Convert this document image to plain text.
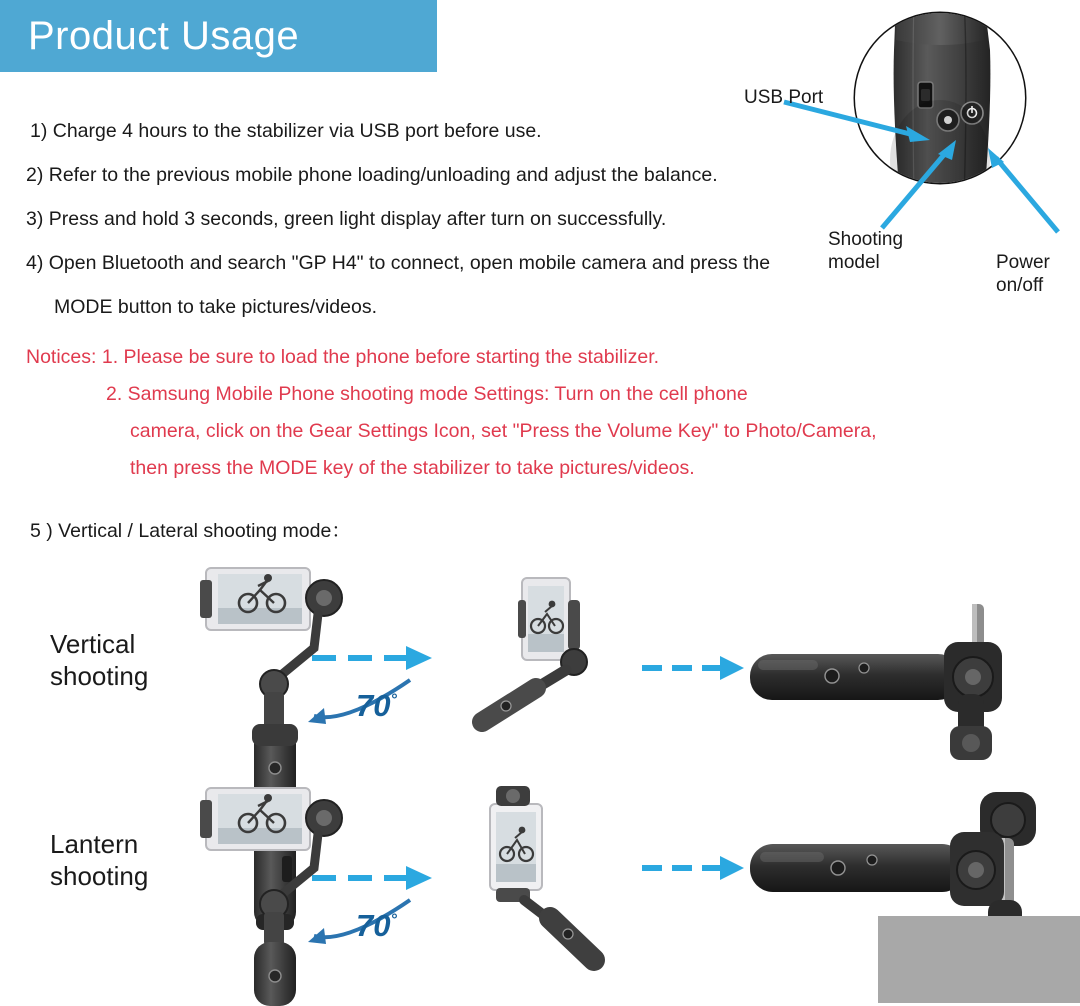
Product Usage
1) Charge 4 hours to the stabilizer via USB port before use.
2) Refer to the previous mobile phone loading/unloading and adjust the balance.
3) Press and hold 3 seconds, green light display after turn on successfully.
4) Open Bluetooth and search "GP H4" to connect, open mobile camera and press the
MODE button to take pictures/videos.
Notices: 1. Please be sure to load the phone before starting the stabilizer.
2. Samsung Mobile Phone shooting mode Settings: Turn on the cell phone
camera, click on the Gear Settings Icon, set "Press the Volume Key" to Photo/Camera,
then press the MODE key of the stabilizer to take pictures/videos.
5 ) Vertical / Lateral shooting mode：
USB Port
Shooting
model	Power
on/off
Vertical
shooting
Lantern
shooting
70°
70°
